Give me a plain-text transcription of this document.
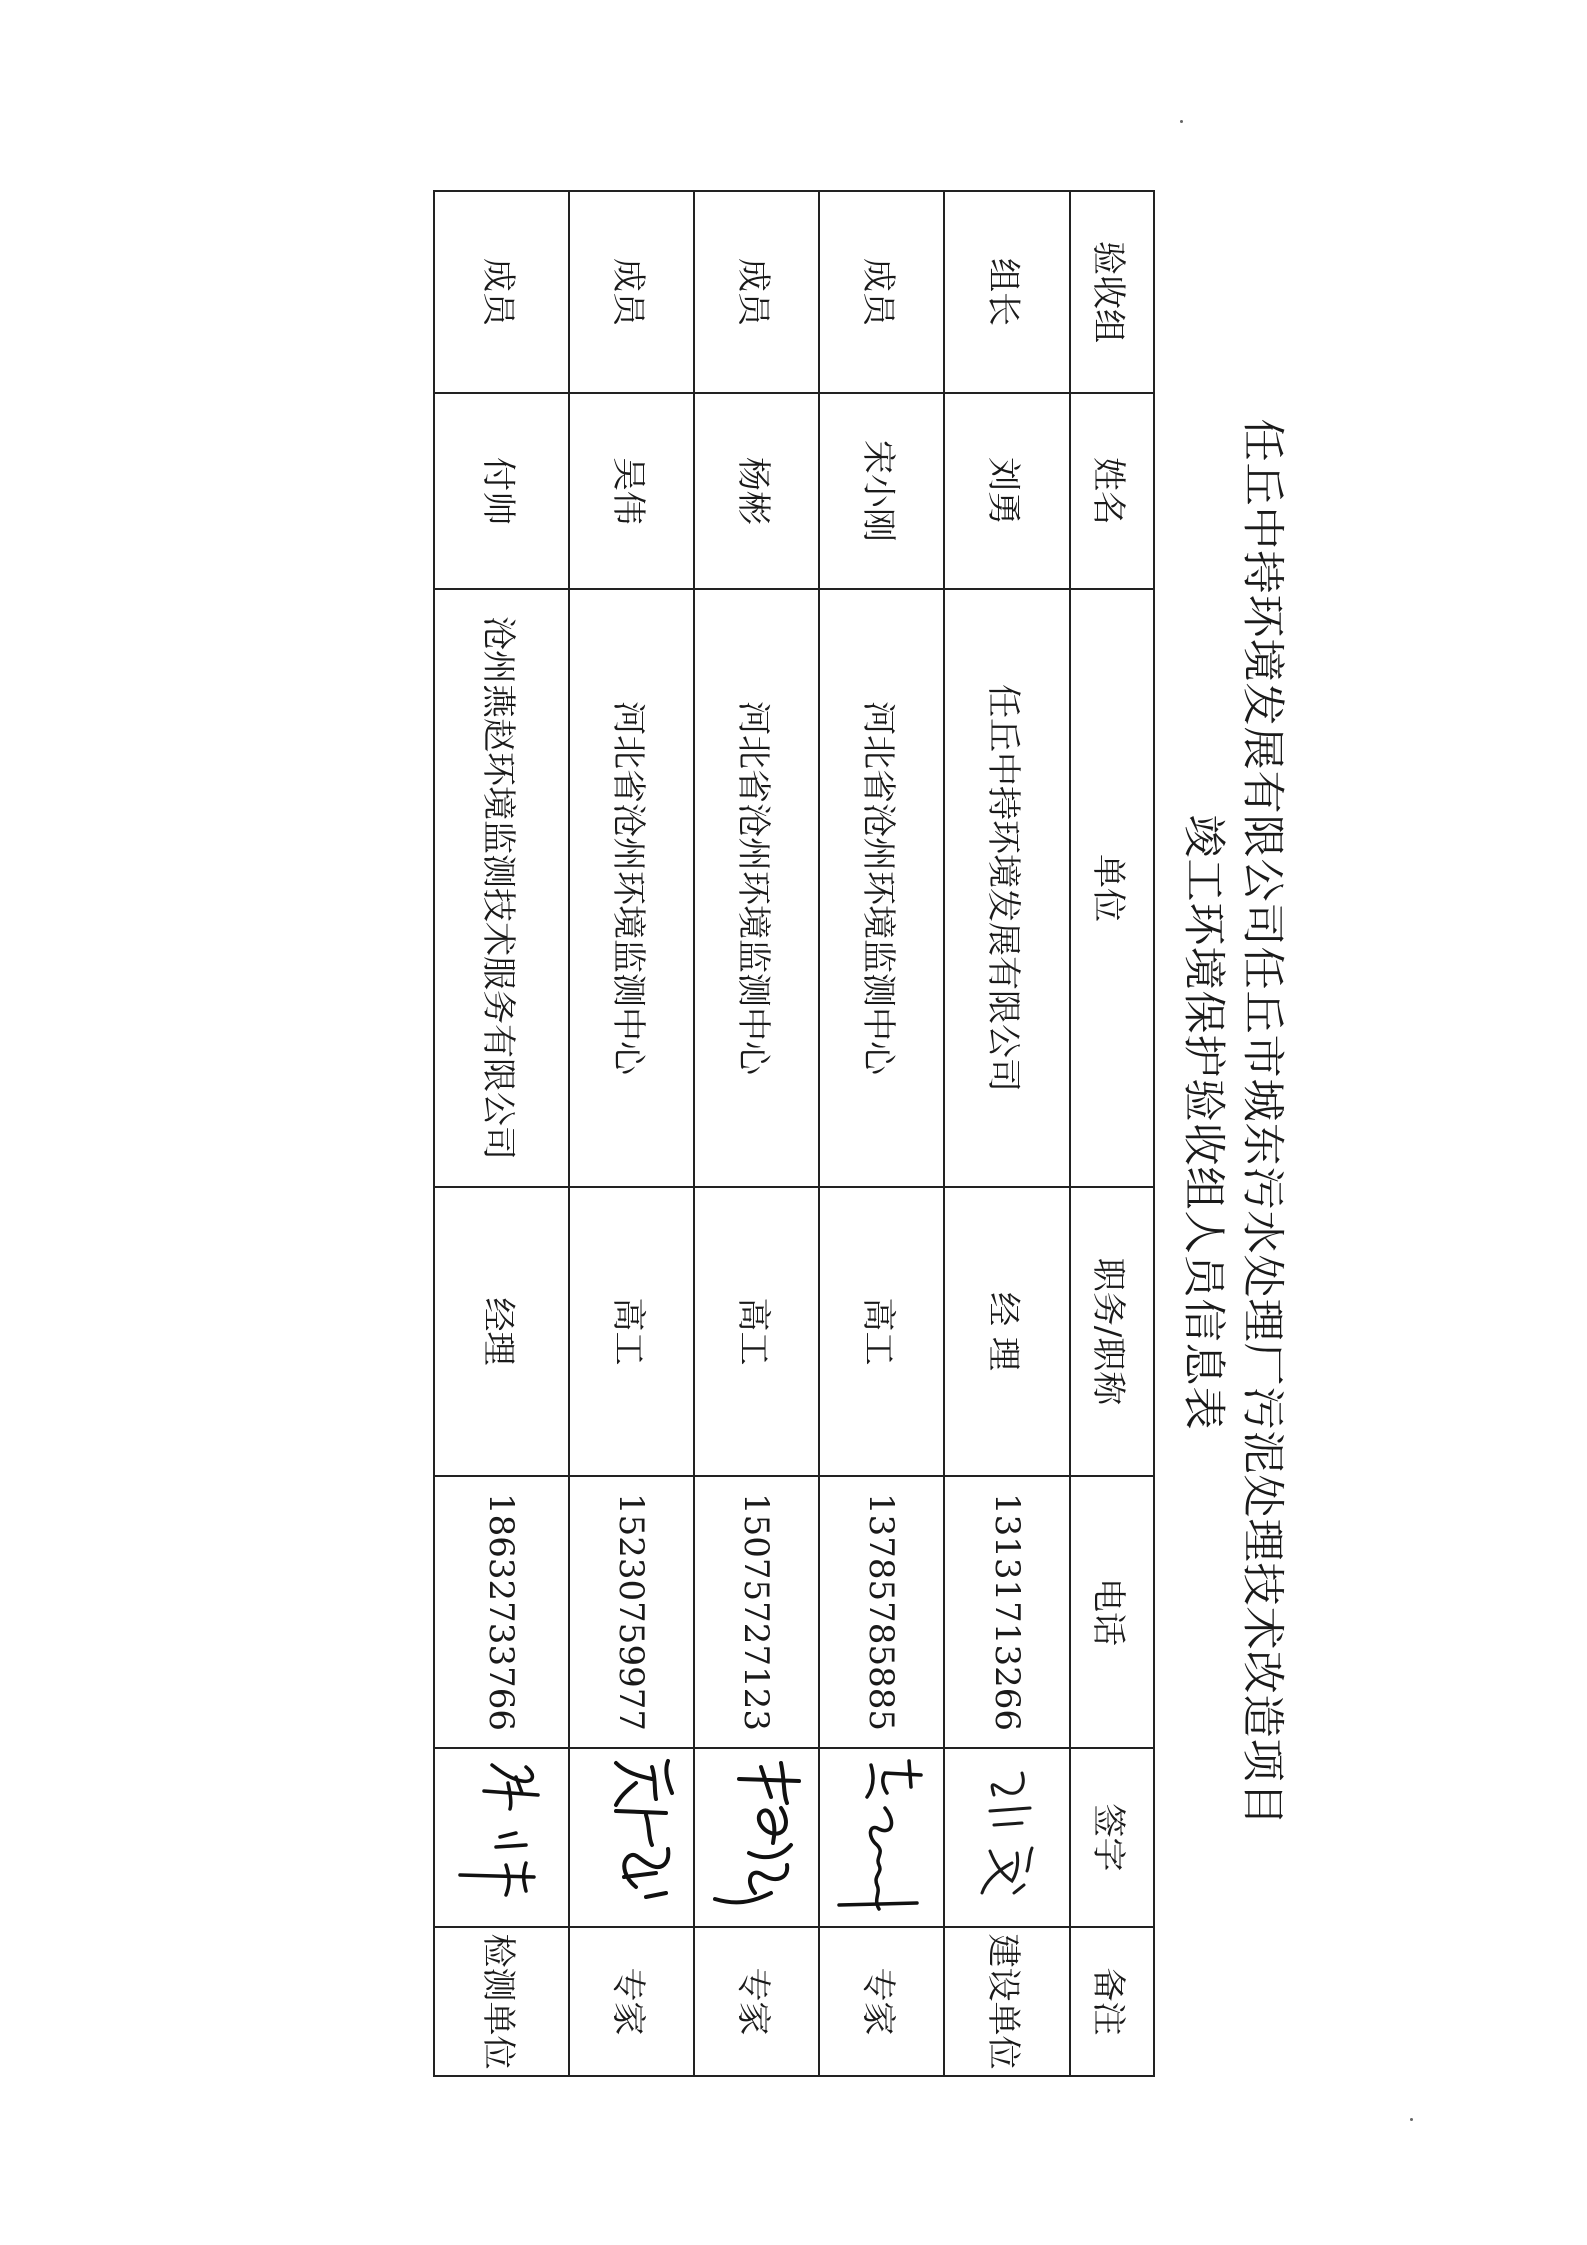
任丘中持环境发展有限公司任丘市城东污水处理厂污泥处理技术改造项目
竣工环境保护验收组人员信息表
验收组	姓名	单位	职务/职称	电话	签字	备注
组长	刘勇	任丘中持环境发展有限公司	经 理	13131713266		建设单位
成员	宋小刚	河北省沧州环境监测中心	高工	13785785885		专家
成员	杨彬	河北省沧州环境监测中心	高工	15075727123		专家
成员	吴伟	河北省沧州环境监测中心	高工	15230759977		专家
成员	付帅	沧州燕赵环境监测技术服务有限公司	经理	18632733766		检测单位
